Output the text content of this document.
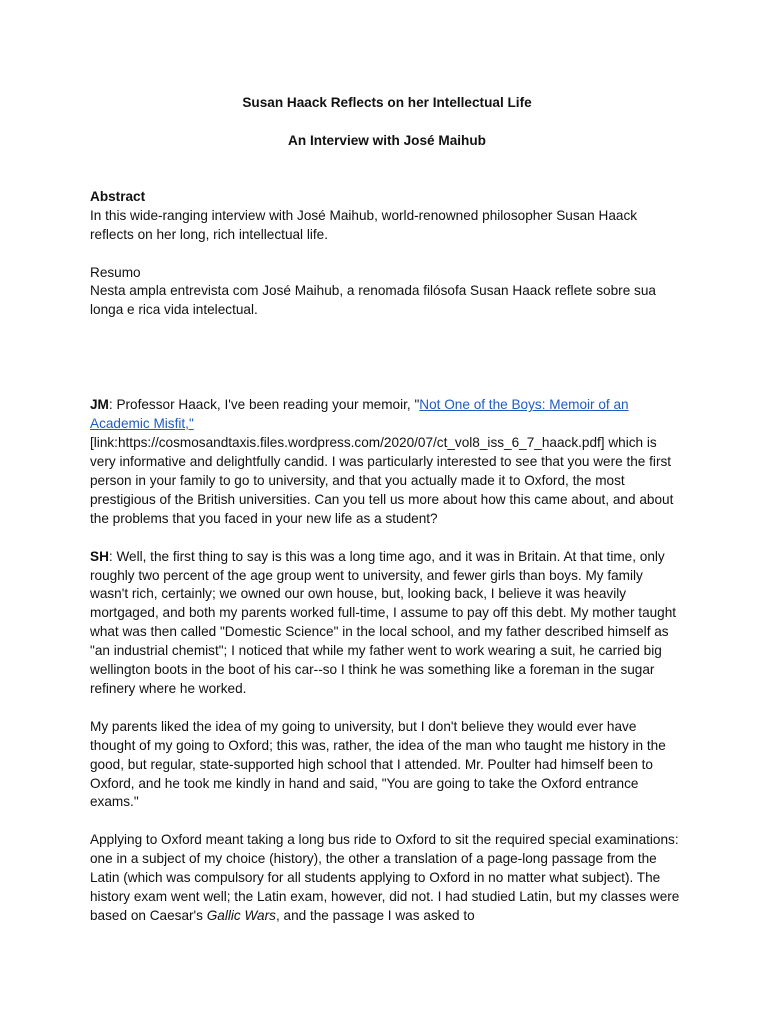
Susan Haack Reflects on her Intellectual Life

An Interview with José Maihub

Abstract

In this wide-ranging interview with José Maihub, world-renowned philosopher Susan Haack reflects on her long, rich intellectual life.

Resumo

Nesta ampla entrevista com José Maihub, a renomada filósofa Susan Haack reflete sobre sua longa e rica vida intelectual.

JM: Professor Haack, I've been reading your memoir, "Not One of the Boys: Memoir of an Academic Misfit,"
[link:https://cosmosandtaxis.files.wordpress.com/2020/07/ct_vol8_iss_6_7_haack.pdf] which is very informative and delightfully candid. I was particularly interested to see that you were the first person in your family to go to university, and that you actually made it to Oxford, the most prestigious of the British universities. Can you tell us more about how this came about, and about the problems that you faced in your new life as a student?

SH: Well, the first thing to say is this was a long time ago, and it was in Britain. At that time, only roughly two percent of the age group went to university, and fewer girls than boys. My family wasn't rich, certainly; we owned our own house, but, looking back, I believe it was heavily mortgaged, and both my parents worked full-time, I assume to pay off this debt. My mother taught what was then called "Domestic Science" in the local school, and my father described himself as "an industrial chemist"; I noticed that while my father went to work wearing a suit, he carried big wellington boots in the boot of his car--so I think he was something like a foreman in the sugar refinery where he worked.

My parents liked the idea of my going to university, but I don't believe they would ever have thought of my going to Oxford; this was, rather, the idea of the man who taught me history in the good, but regular, state-supported high school that I attended. Mr. Poulter had himself been to Oxford, and he took me kindly in hand and said, "You are going to take the Oxford entrance exams."

Applying to Oxford meant taking a long bus ride to Oxford to sit the required special examinations: one in a subject of my choice (history), the other a translation of a page-long passage from the Latin (which was compulsory for all students applying to Oxford in no matter what subject). The history exam went well; the Latin exam, however, did not. I had studied Latin, but my classes were based on Caesar's Gallic Wars, and the passage I was asked to
